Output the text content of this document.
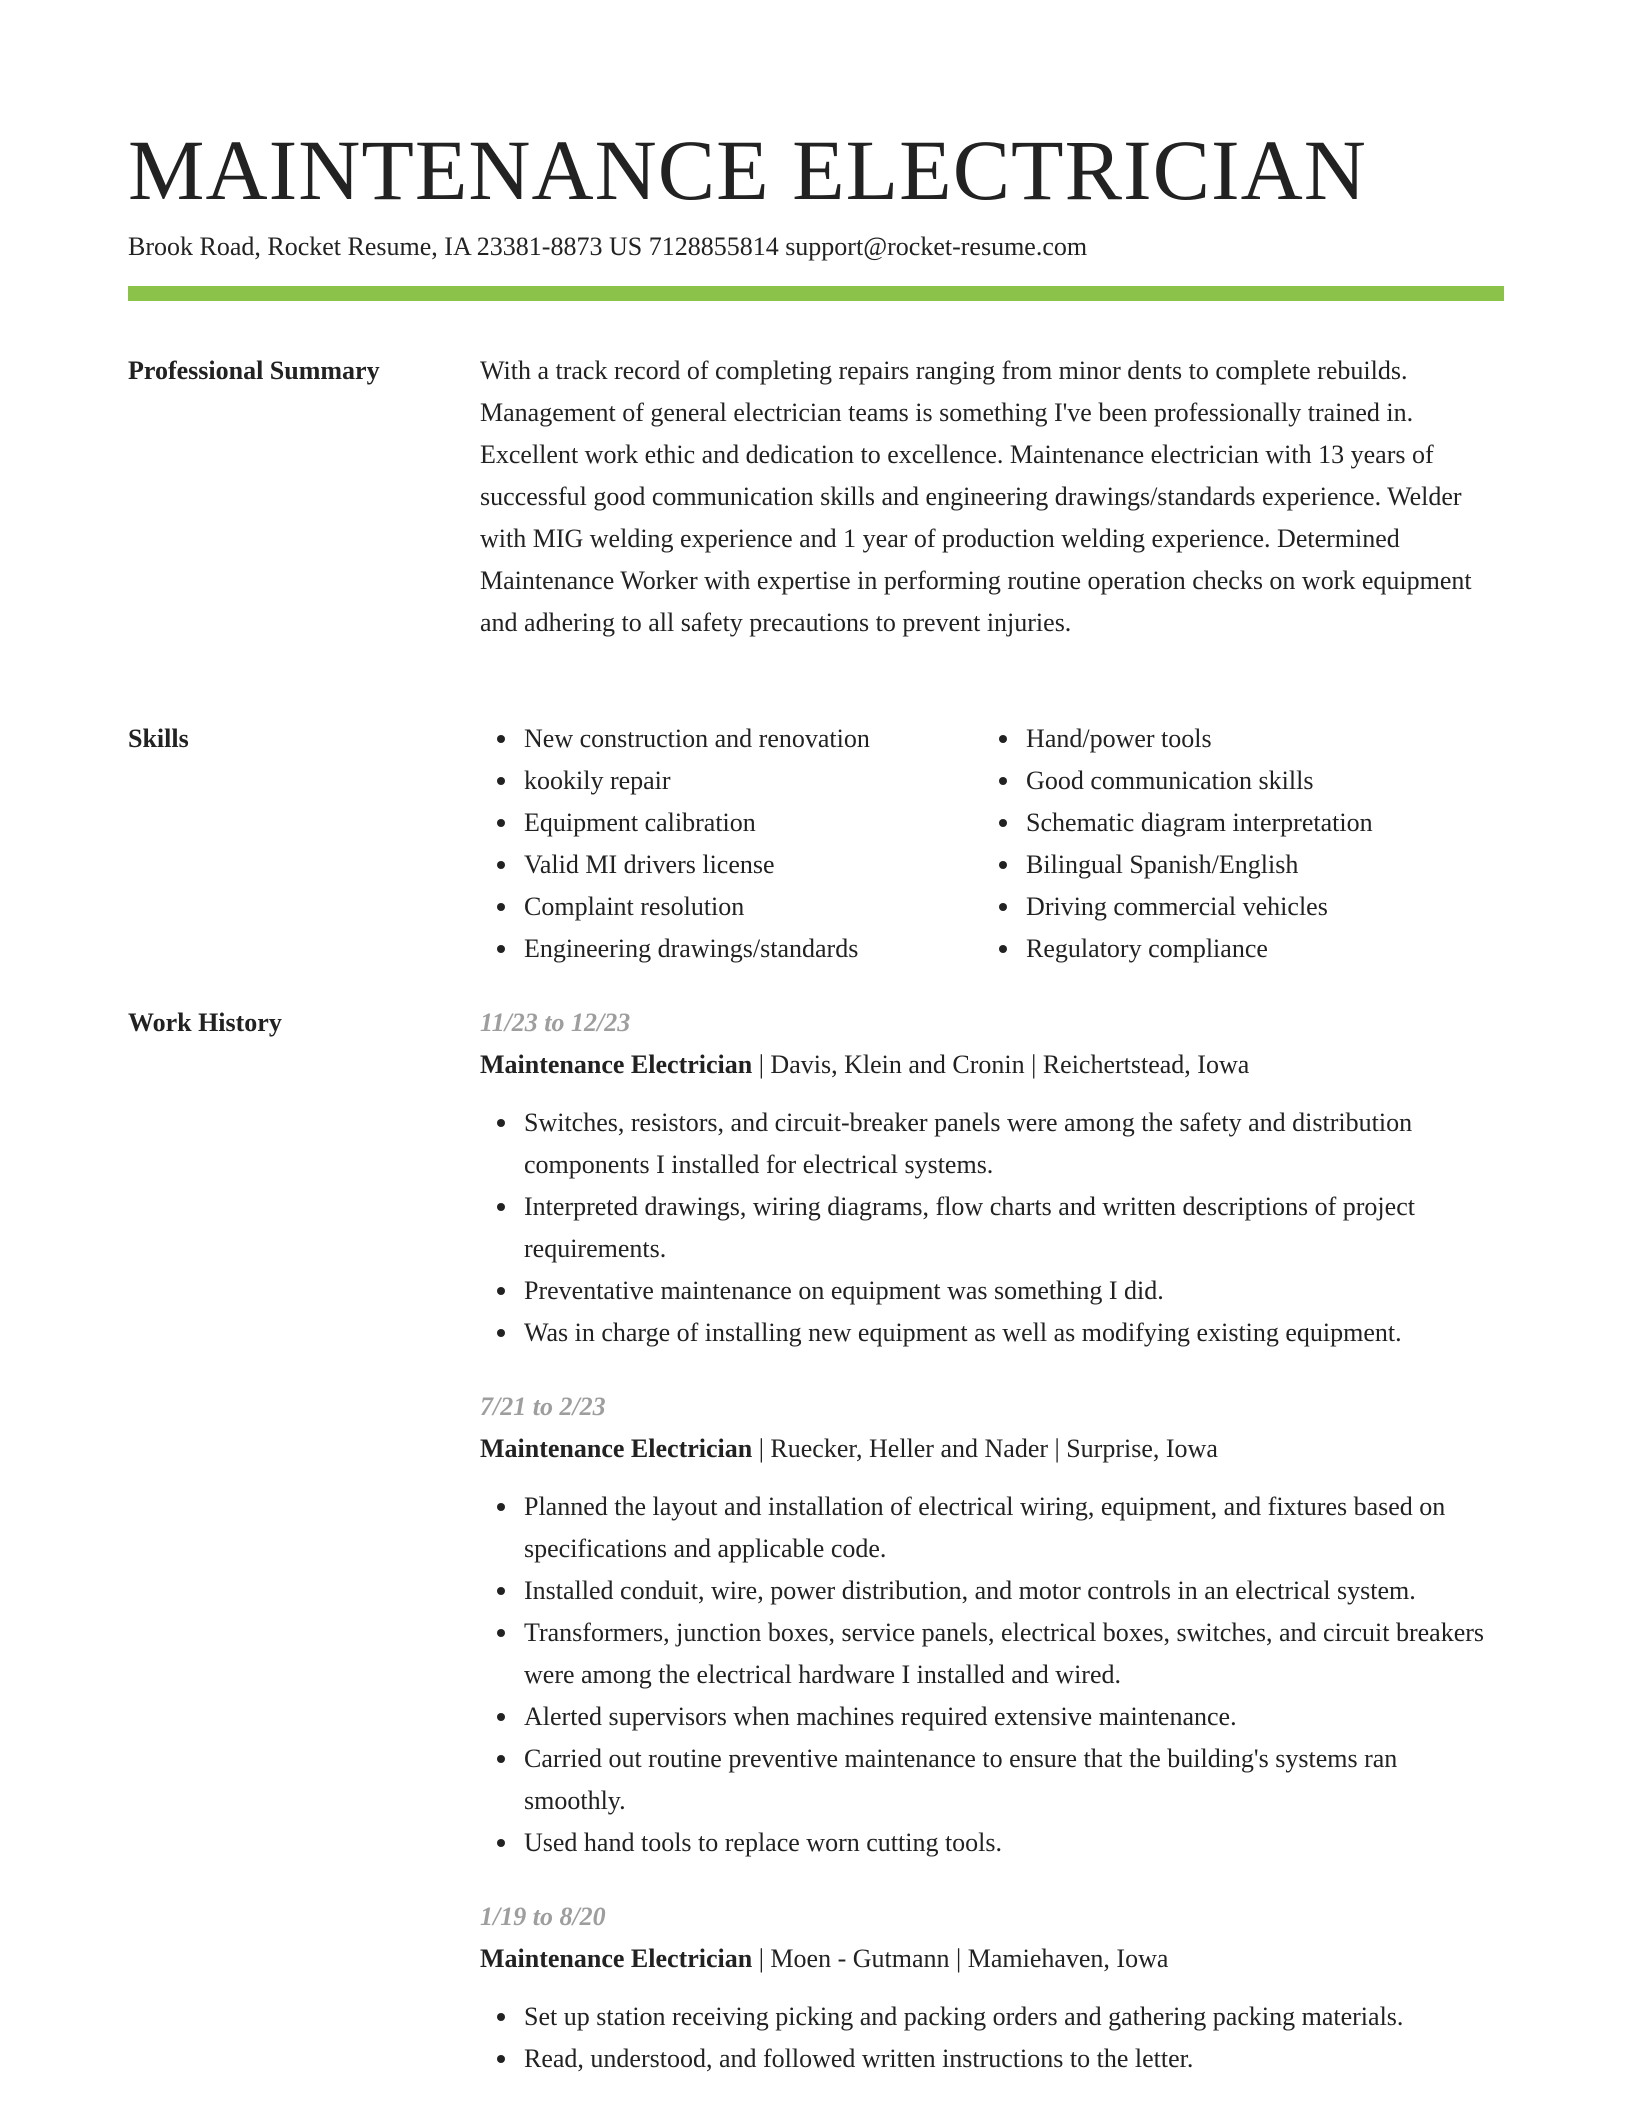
MAINTENANCE ELECTRICIAN
Brook Road, Rocket Resume, IA 23381-8873 US 7128855814 support@rocket-resume.com
Professional Summary	With a track record of completing repairs ranging from minor dents to complete rebuilds. Management of general electrician teams is something I've been professionally trained in. Excellent work ethic and dedication to excellence. Maintenance electrician with 13 years of successful good communication skills and engineering drawings/standards experience. Welder with MIG welding experience and 1 year of production welding experience. Determined Maintenance Worker with expertise in performing routine operation checks on work equipment and adhering to all safety precautions to prevent injuries.

Skills	New construction and renovation
kookily repair
Equipment calibration
Valid MI drivers license
Complaint resolution
Engineering drawings/standards
Hand/power tools
Good communication skills
Schematic diagram interpretation
Bilingual Spanish/English
Driving commercial vehicles
Regulatory compliance
Work History	11/23 to 12/23
Maintenance Electrician | Davis, Klein and Cronin | Reichertstead, Iowa
Switches, resistors, and circuit-breaker panels were among the safety and distribution components I installed for electrical systems.
Interpreted drawings, wiring diagrams, flow charts and written descriptions of project requirements.
Preventative maintenance on equipment was something I did.
Was in charge of installing new equipment as well as modifying existing equipment.
7/21 to 2/23
Maintenance Electrician | Ruecker, Heller and Nader | Surprise, Iowa
Planned the layout and installation of electrical wiring, equipment, and fixtures based on specifications and applicable code.
Installed conduit, wire, power distribution, and motor controls in an electrical system.
Transformers, junction boxes, service panels, electrical boxes, switches, and circuit breakers were among the electrical hardware I installed and wired.
Alerted supervisors when machines required extensive maintenance.
Carried out routine preventive maintenance to ensure that the building's systems ran smoothly.
Used hand tools to replace worn cutting tools.
1/19 to 8/20
Maintenance Electrician | Moen - Gutmann | Mamiehaven, Iowa
Set up station receiving picking and packing orders and gathering packing materials.
Read, understood, and followed written instructions to the letter.
